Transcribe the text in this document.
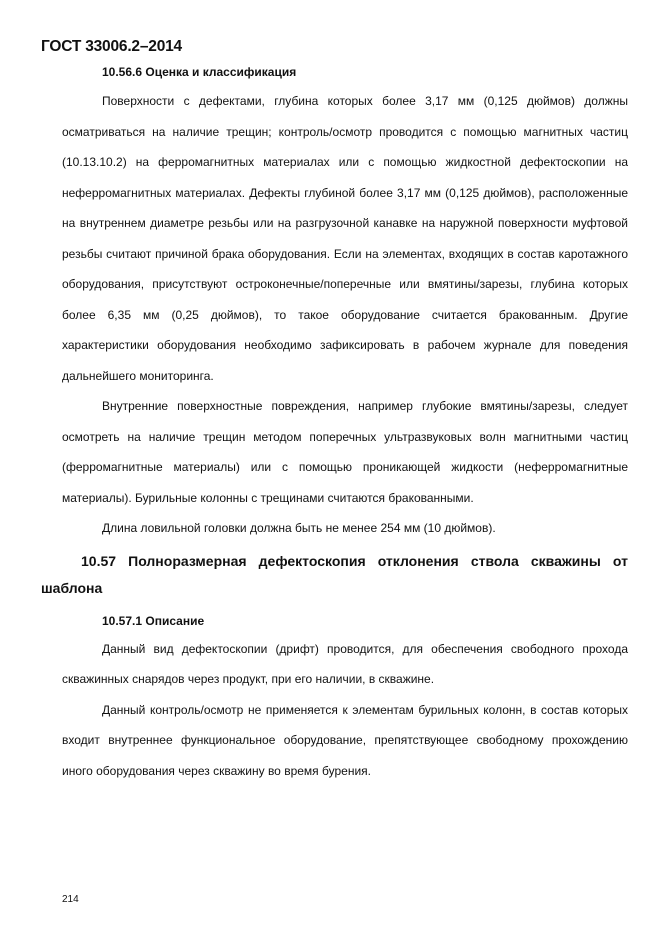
ГОСТ 33006.2–2014
10.56.6 Оценка и классификация

Поверхности с дефектами, глубина которых более 3,17 мм (0,125 дюймов) должны осматриваться на наличие трещин; контроль/осмотр проводится с помощью магнитных частиц (10.13.10.2) на ферромагнитных материалах или с помощью жидкостной дефектоскопии на неферромагнитных материалах. Дефекты глубиной более 3,17 мм (0,125 дюймов), расположенные на внутреннем диаметре резьбы или на разгрузочной канавке на наружной поверхности муфтовой резьбы считают причиной брака оборудования. Если на элементах, входящих в состав каротажного оборудования, присутствуют остроконечные/поперечные или вмятины/зарезы, глубина которых более 6,35 мм (0,25 дюймов), то такое оборудование считается бракованным. Другие характеристики оборудования необходимо зафиксировать в рабочем журнале для поведения дальнейшего мониторинга.

Внутренние поверхностные повреждения, например глубокие вмятины/зарезы, следует осмотреть на наличие трещин методом поперечных ультразвуковых волн магнитными частиц (ферромагнитные материалы) или с помощью проникающей жидкости (неферромагнитные материалы). Бурильные колонны с трещинами считаются бракованными.

Длина ловильной головки должна быть не менее 254 мм (10 дюймов).

10.57 Полноразмерная дефектоскопия отклонения ствола скважины от шаблона
10.57.1 Описание

Данный вид дефектоскопии (дрифт) проводится, для обеспечения свободного прохода скважинных снарядов через продукт, при его наличии, в скважине.

Данный контроль/осмотр не применяется к элементам бурильных колонн, в состав которых входит внутреннее функциональное оборудование, препятствующее свободному прохождению иного оборудования через скважину во время бурения.

214
